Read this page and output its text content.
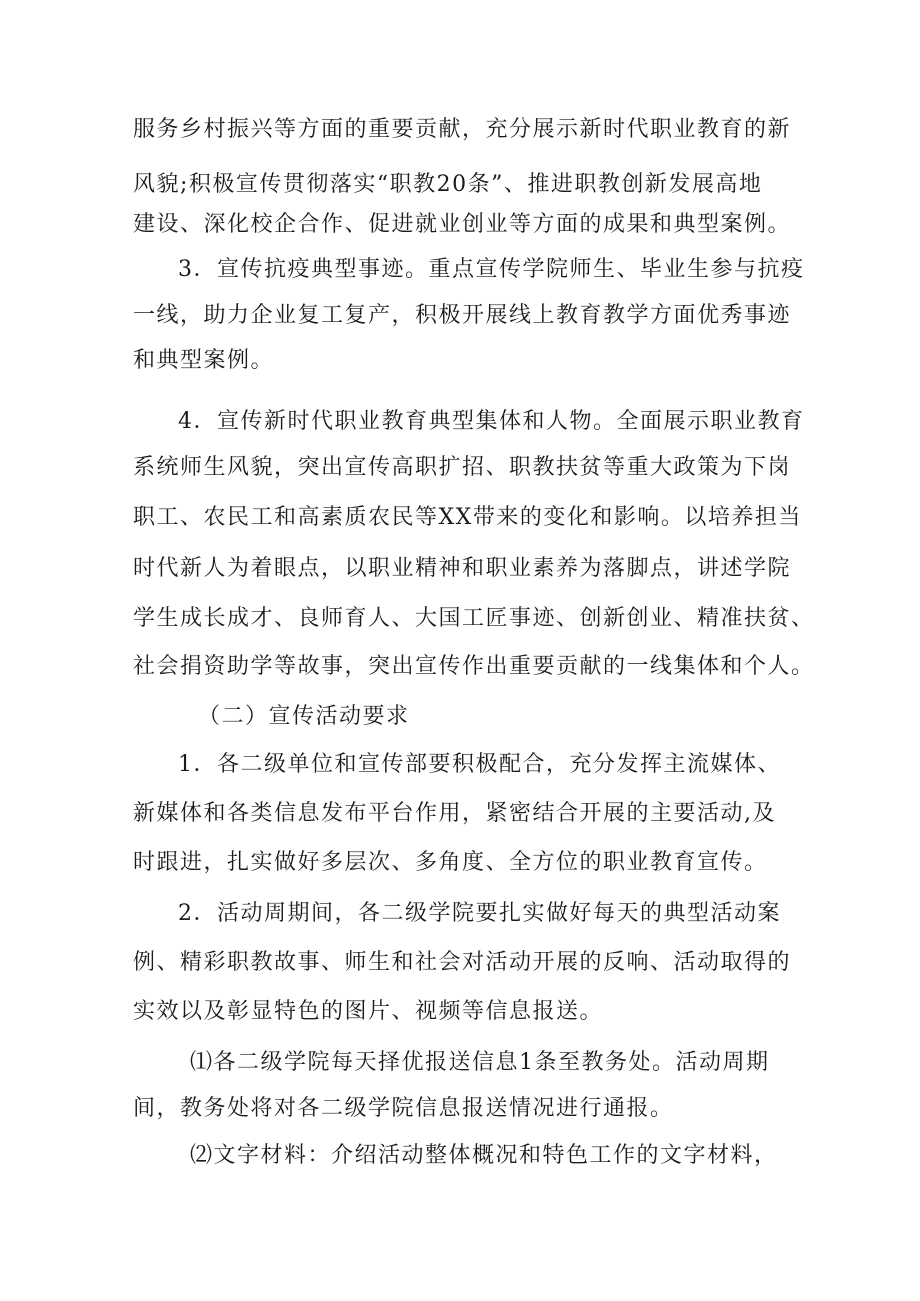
服务乡村振兴等方面的重要贡献，充分展示新时代职业教育的新
风貌;积极宣传贯彻落实“职教20条”、推进职教创新发展高地
建设、深化校企合作、促进就业创业等方面的成果和典型案例。
3．宣传抗疫典型事迹。重点宣传学院师生、毕业生参与抗疫
一线，助力企业复工复产，积极开展线上教育教学方面优秀事迹
和典型案例。
4．宣传新时代职业教育典型集体和人物。全面展示职业教育
系统师生风貌，突出宣传高职扩招、职教扶贫等重大政策为下岗
职工、农民工和高素质农民等XX带来的变化和影响。以培养担当
时代新人为着眼点，以职业精神和职业素养为落脚点，讲述学院
学生成长成才、良师育人、大国工匠事迹、创新创业、精准扶贫、
社会捐资助学等故事，突出宣传作出重要贡献的一线集体和个人。
（二）宣传活动要求
1．各二级单位和宣传部要积极配合，充分发挥主流媒体、
新媒体和各类信息发布平台作用，紧密结合开展的主要活动,及
时跟进，扎实做好多层次、多角度、全方位的职业教育宣传。
2．活动周期间，各二级学院要扎实做好每天的典型活动案
例、精彩职教故事、师生和社会对活动开展的反响、活动取得的
实效以及彰显特色的图片、视频等信息报送。
⑴各二级学院每天择优报送信息1条至教务处。活动周期
间，教务处将对各二级学院信息报送情况进行通报。
⑵文字材料：介绍活动整体概况和特色工作的文字材料，
